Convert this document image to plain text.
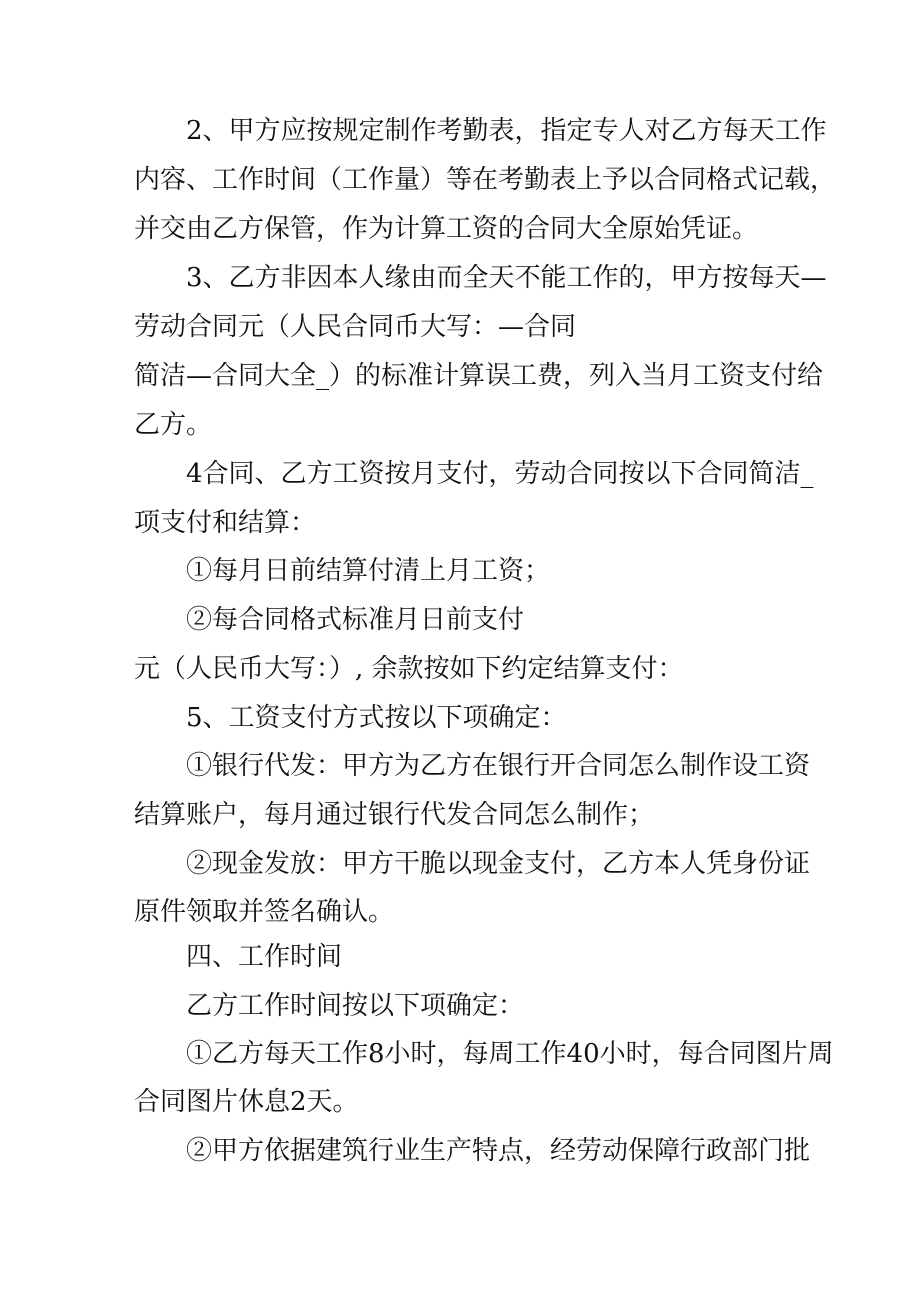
2、甲方应按规定制作考勤表，指定专人对乙方每天工作
内容、工作时间（工作量）等在考勤表上予以合同格式记载，
并交由乙方保管，作为计算工资的合同大全原始凭证。
3、乙方非因本人缘由而全天不能工作的，甲方按每天—
劳动合同元（人民合同币大写：—合同
简洁—合同大全_）的标准计算误工费，列入当月工资支付给
乙方。
4合同、乙方工资按月支付，劳动合同按以下合同简洁_
项支付和结算：
①每月日前结算付清上月工资；
②每合同格式标准月日前支付
元（人民币大写：）, 余款按如下约定结算支付：
5、工资支付方式按以下项确定：
①银行代发：甲方为乙方在银行开合同怎么制作设工资
结算账户，每月通过银行代发合同怎么制作；
②现金发放：甲方干脆以现金支付，乙方本人凭身份证
原件领取并签名确认。
四、工作时间
乙方工作时间按以下项确定：
①乙方每天工作8小时，每周工作40小时，每合同图片周
合同图片休息2天。
②甲方依据建筑行业生产特点，经劳动保障行政部门批
